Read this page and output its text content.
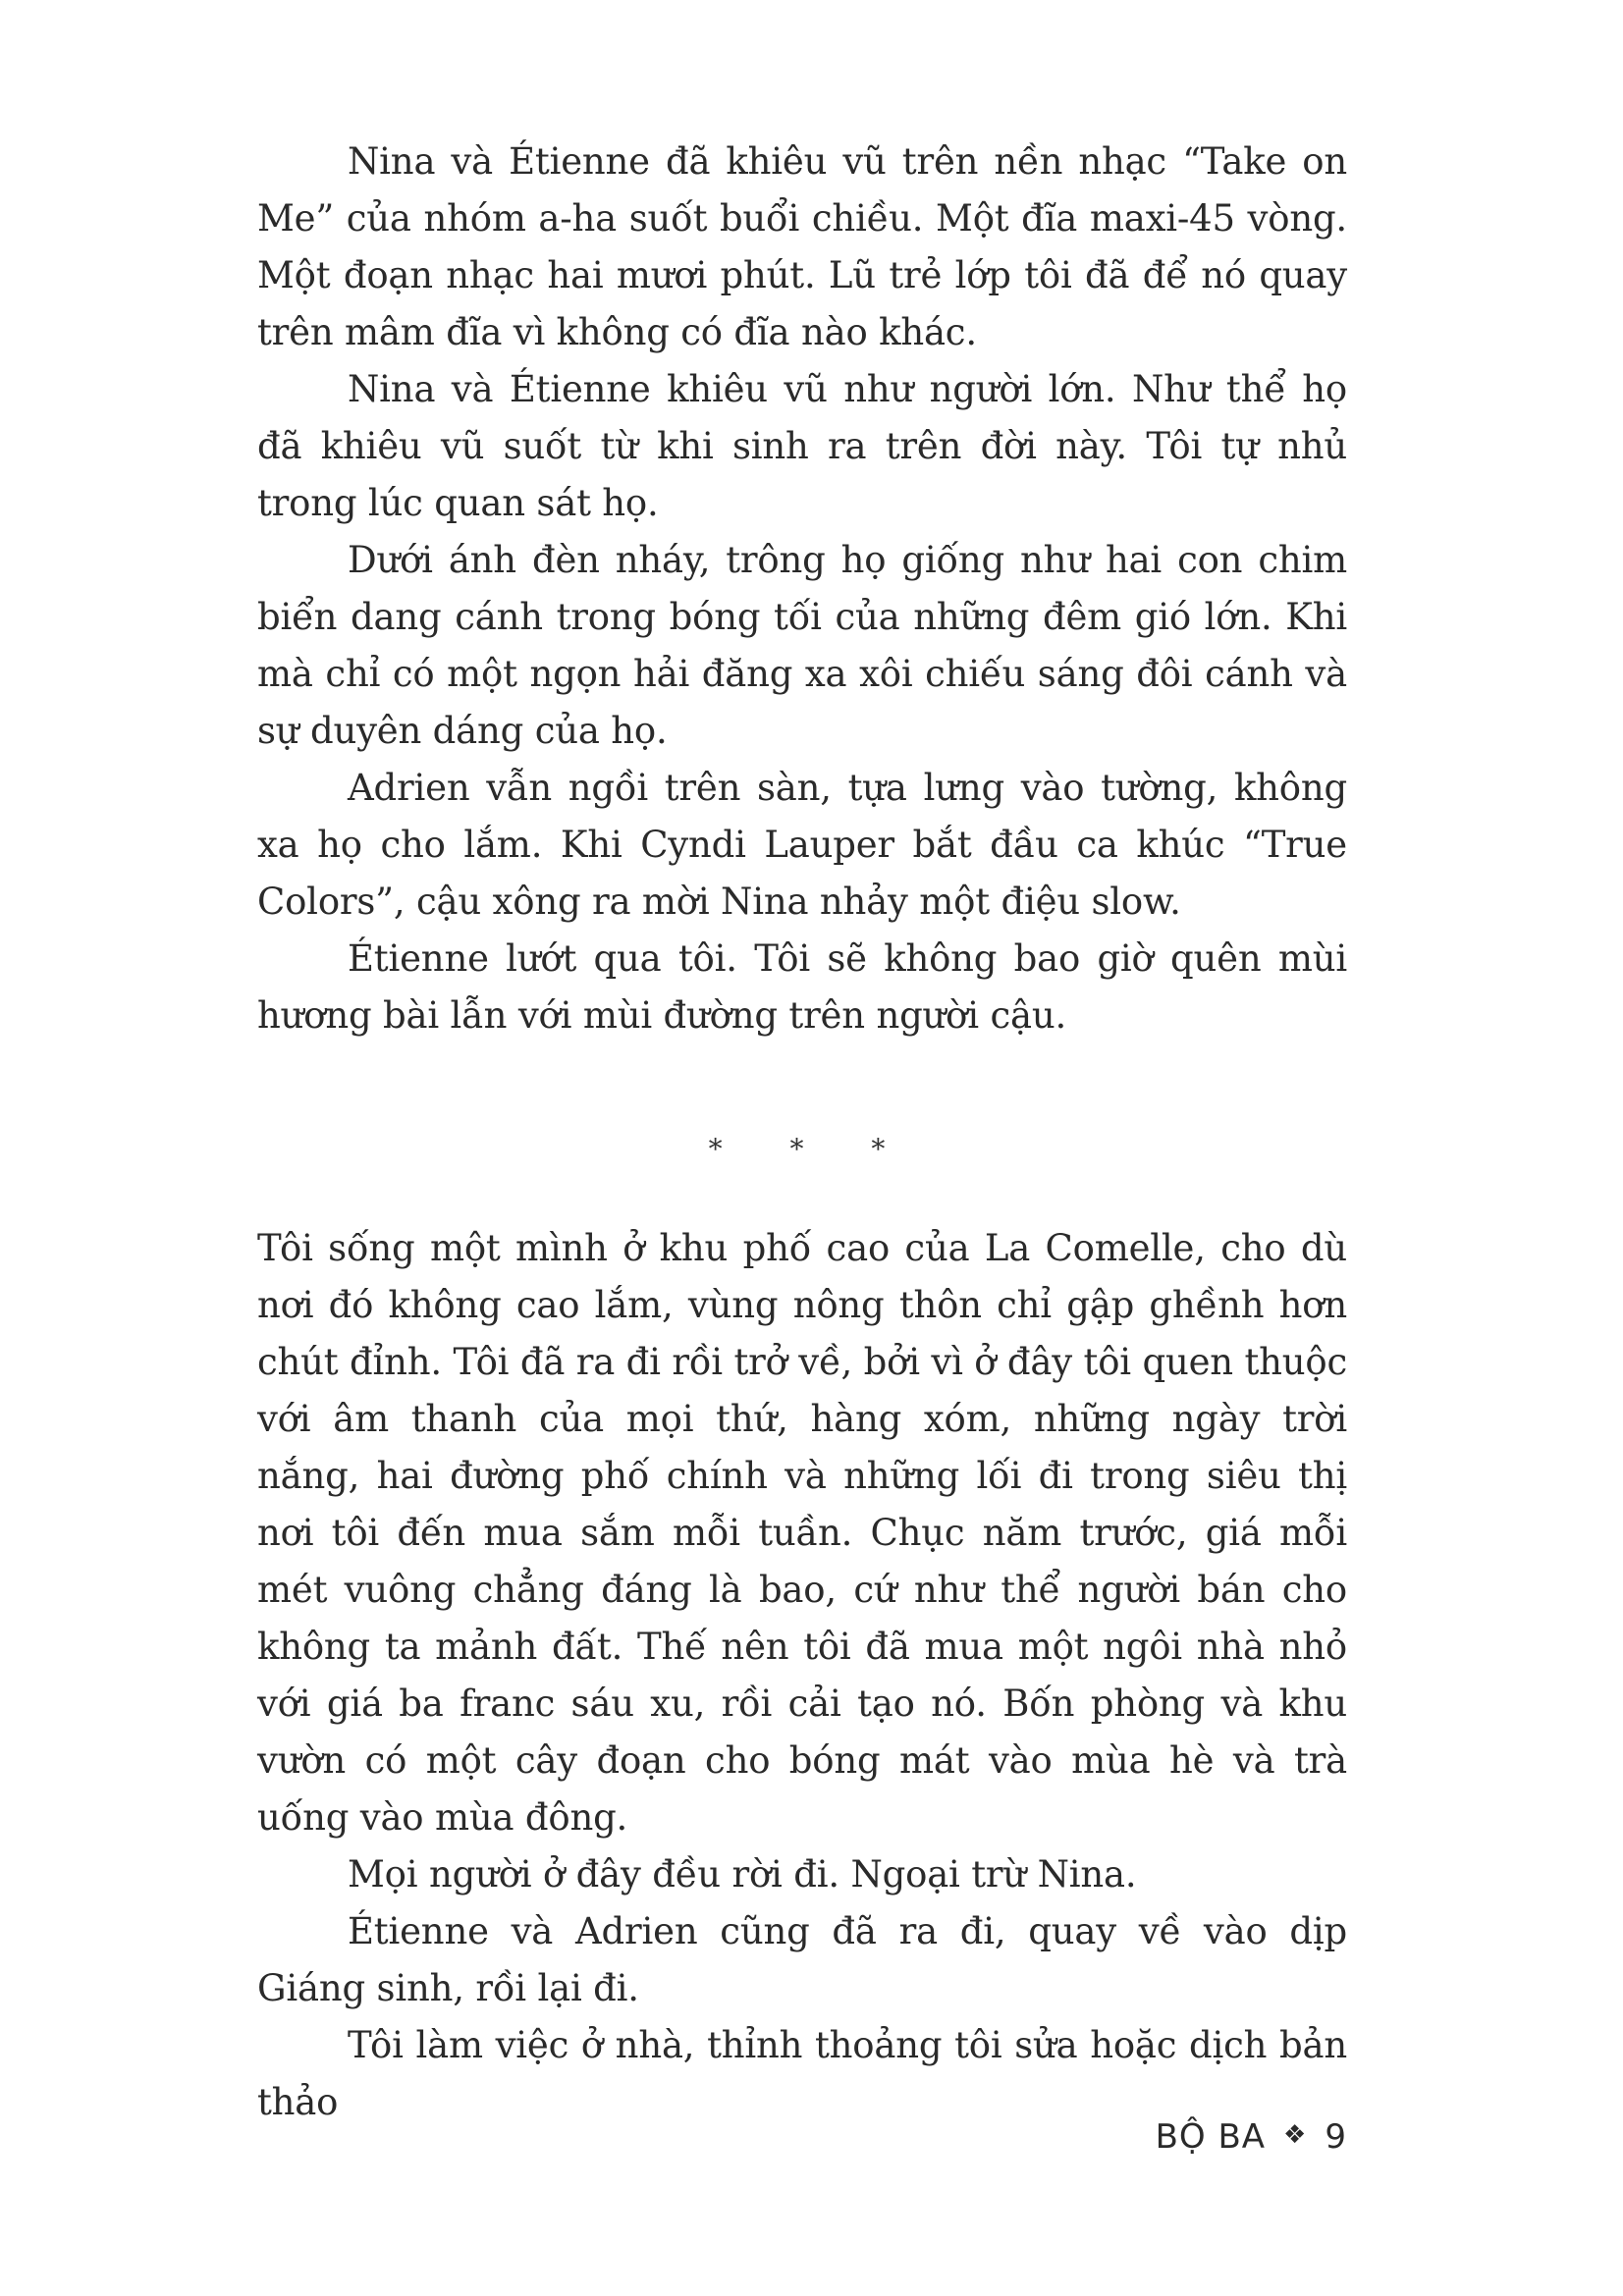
Nina và Étienne đã khiêu vũ trên nền nhạc “Take on Me” của nhóm a-ha suốt buổi chiều. Một đĩa maxi-45 vòng. Một đoạn nhạc hai mươi phút. Lũ trẻ lớp tôi đã để nó quay trên mâm đĩa vì không có đĩa nào khác.

Nina và Étienne khiêu vũ như người lớn. Như thể họ đã khiêu vũ suốt từ khi sinh ra trên đời này. Tôi tự nhủ trong lúc quan sát họ.

Dưới ánh đèn nháy, trông họ giống như hai con chim biển dang cánh trong bóng tối của những đêm gió lớn. Khi mà chỉ có một ngọn hải đăng xa xôi chiếu sáng đôi cánh và sự duyên dáng của họ.

Adrien vẫn ngồi trên sàn, tựa lưng vào tường, không xa họ cho lắm. Khi Cyndi Lauper bắt đầu ca khúc “True Colors”, cậu xông ra mời Nina nhảy một điệu slow.

Étienne lướt qua tôi. Tôi sẽ không bao giờ quên mùi hương bài lẫn với mùi đường trên người cậu.

* * *

Tôi sống một mình ở khu phố cao của La Comelle, cho dù nơi đó không cao lắm, vùng nông thôn chỉ gập ghềnh hơn chút đỉnh. Tôi đã ra đi rồi trở về, bởi vì ở đây tôi quen thuộc với âm thanh của mọi thứ, hàng xóm, những ngày trời nắng, hai đường phố chính và những lối đi trong siêu thị nơi tôi đến mua sắm mỗi tuần. Chục năm trước, giá mỗi mét vuông chẳng đáng là bao, cứ như thể người bán cho không ta mảnh đất. Thế nên tôi đã mua một ngôi nhà nhỏ với giá ba franc sáu xu, rồi cải tạo nó. Bốn phòng và khu vườn có một cây đoạn cho bóng mát vào mùa hè và trà uống vào mùa đông.

Mọi người ở đây đều rời đi. Ngoại trừ Nina.

Étienne và Adrien cũng đã ra đi, quay về vào dịp Giáng sinh, rồi lại đi.

Tôi làm việc ở nhà, thỉnh thoảng tôi sửa hoặc dịch bản thảo

BỘ BA ❖ 9
